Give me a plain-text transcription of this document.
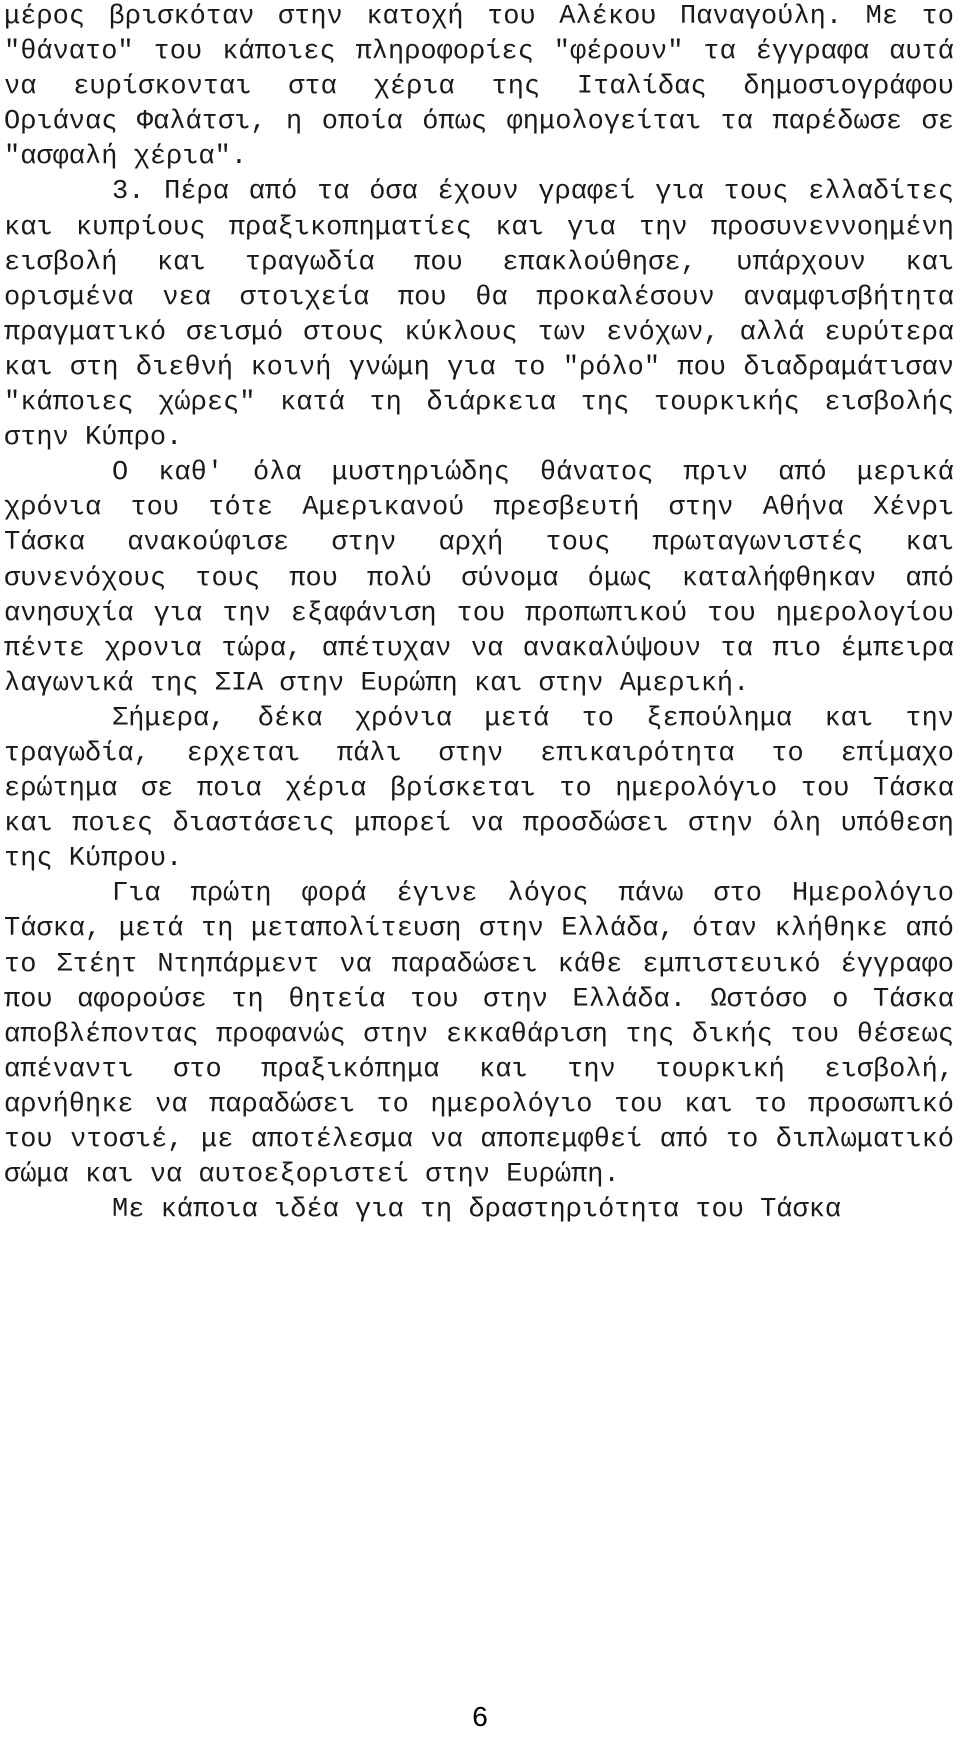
μέρος βρισκόταν στην κατοχή του Αλέκου Παναγούλη. Με το "θάνατο" του κάποιες πληροφορίες "φέρουν" τα έγγραφα αυτά να ευρίσκονται στα χέρια της Ιταλίδας δημοσιογράφου Οριάνας Φαλάτσι, η οποία όπως φημολογείται τα παρέδωσε σε "ασφαλή χέρια".

3. Πέρα από τα όσα έχουν γραφεί για τους ελλαδίτες και κυπρίους πραξικοπηματίες και για την προσυνεννοημένη εισβολή και τραγωδία που επακλούθησε, υπάρχουν και ορισμένα νεα στοιχεία που θα προκαλέσουν αναμφισβήτητα πραγματικό σεισμό στους κύκλους των ενόχων, αλλά ευρύτερα και στη διεθνή κοινή γνώμη για το "ρόλο" που διαδραμάτισαν "κάποιες χώρες" κατά τη διάρκεια της τουρκικής εισβολής στην Κύπρο.

Ο καθ' όλα μυστηριώδης θάνατος πριν από μερικά χρόνια του τότε Αμερικανού πρεσβευτή στην Αθήνα Χένρι Τάσκα ανακούφισε στην αρχή τους πρωταγωνιστές και συνενόχους τους που πολύ σύνομα όμως καταλήφθηκαν από ανησυχία για την εξαφάνιση του προπωπικού του ημερολογίου πέντε χρονια τώρα, απέτυχαν να ανακαλύψουν τα πιο έμπειρα λαγωνικά της ΣΙΑ στην Ευρώπη και στην Αμερική.

Σήμερα, δέκα χρόνια μετά το ξεπούλημα και την τραγωδία, ερχεται πάλι στην επικαιρότητα το επίμαχο ερώτημα σε ποια χέρια βρίσκεται το ημερολόγιο του Τάσκα και ποιες διαστάσεις μπορεί να προσδώσει στην όλη υπόθεση της Κύπρου.

Για πρώτη φορά έγινε λόγος πάνω στο Ημερολόγιο Τάσκα, μετά τη μεταπολίτευση στην Ελλάδα, όταν κλήθηκε από το Στέητ Ντηπάρμεντ να παραδώσει κάθε εμπιστευικό έγγραφο που αφορούσε τη θητεία του στην Ελλάδα. Ωστόσο ο Τάσκα αποβλέποντας προφανώς στην εκκαθάριση της δικής του θέσεως απέναντι στο πραξικόπημα και την τουρκική εισβολή, αρνήθηκε να παραδώσει το ημερολόγιο του και το προσωπικό του ντοσιέ, με αποτέλεσμα να αποπεμφθεί από το διπλωματικό σώμα και να αυτοεξοριστεί στην Ευρώπη.

Με κάποια ιδέα για τη δραστηριότητα του Τάσκα

6
